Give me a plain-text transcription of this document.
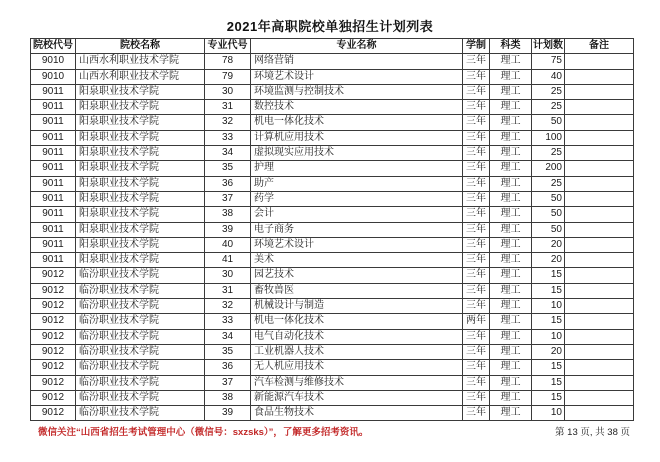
2021年高职院校单独招生计划列表
院校代号	院校名称	专业代号	专业名称	学制	科类	计划数	备注
9010	山西水利职业技术学院	78	网络营销	三年	理工	75	
9010	山西水利职业技术学院	79	环境艺术设计	三年	理工	40	
9011	阳泉职业技术学院	30	环境监测与控制技术	三年	理工	25	
9011	阳泉职业技术学院	31	数控技术	三年	理工	25	
9011	阳泉职业技术学院	32	机电一体化技术	三年	理工	50	
9011	阳泉职业技术学院	33	计算机应用技术	三年	理工	100	
9011	阳泉职业技术学院	34	虚拟现实应用技术	三年	理工	25	
9011	阳泉职业技术学院	35	护理	三年	理工	200	
9011	阳泉职业技术学院	36	助产	三年	理工	25	
9011	阳泉职业技术学院	37	药学	三年	理工	50	
9011	阳泉职业技术学院	38	会计	三年	理工	50	
9011	阳泉职业技术学院	39	电子商务	三年	理工	50	
9011	阳泉职业技术学院	40	环境艺术设计	三年	理工	20	
9011	阳泉职业技术学院	41	美术	三年	理工	20	
9012	临汾职业技术学院	30	园艺技术	三年	理工	15	
9012	临汾职业技术学院	31	畜牧兽医	三年	理工	15	
9012	临汾职业技术学院	32	机械设计与制造	三年	理工	10	
9012	临汾职业技术学院	33	机电一体化技术	两年	理工	15	
9012	临汾职业技术学院	34	电气自动化技术	三年	理工	10	
9012	临汾职业技术学院	35	工业机器人技术	三年	理工	20	
9012	临汾职业技术学院	36	无人机应用技术	三年	理工	15	
9012	临汾职业技术学院	37	汽车检测与维修技术	三年	理工	15	
9012	临汾职业技术学院	38	新能源汽车技术	三年	理工	15	
9012	临汾职业技术学院	39	食品生物技术	三年	理工	10	
微信关注“山西省招生考试管理中心（微信号：sxzsks）”，了解更多招考资讯。	第 13 页, 共 38 页
